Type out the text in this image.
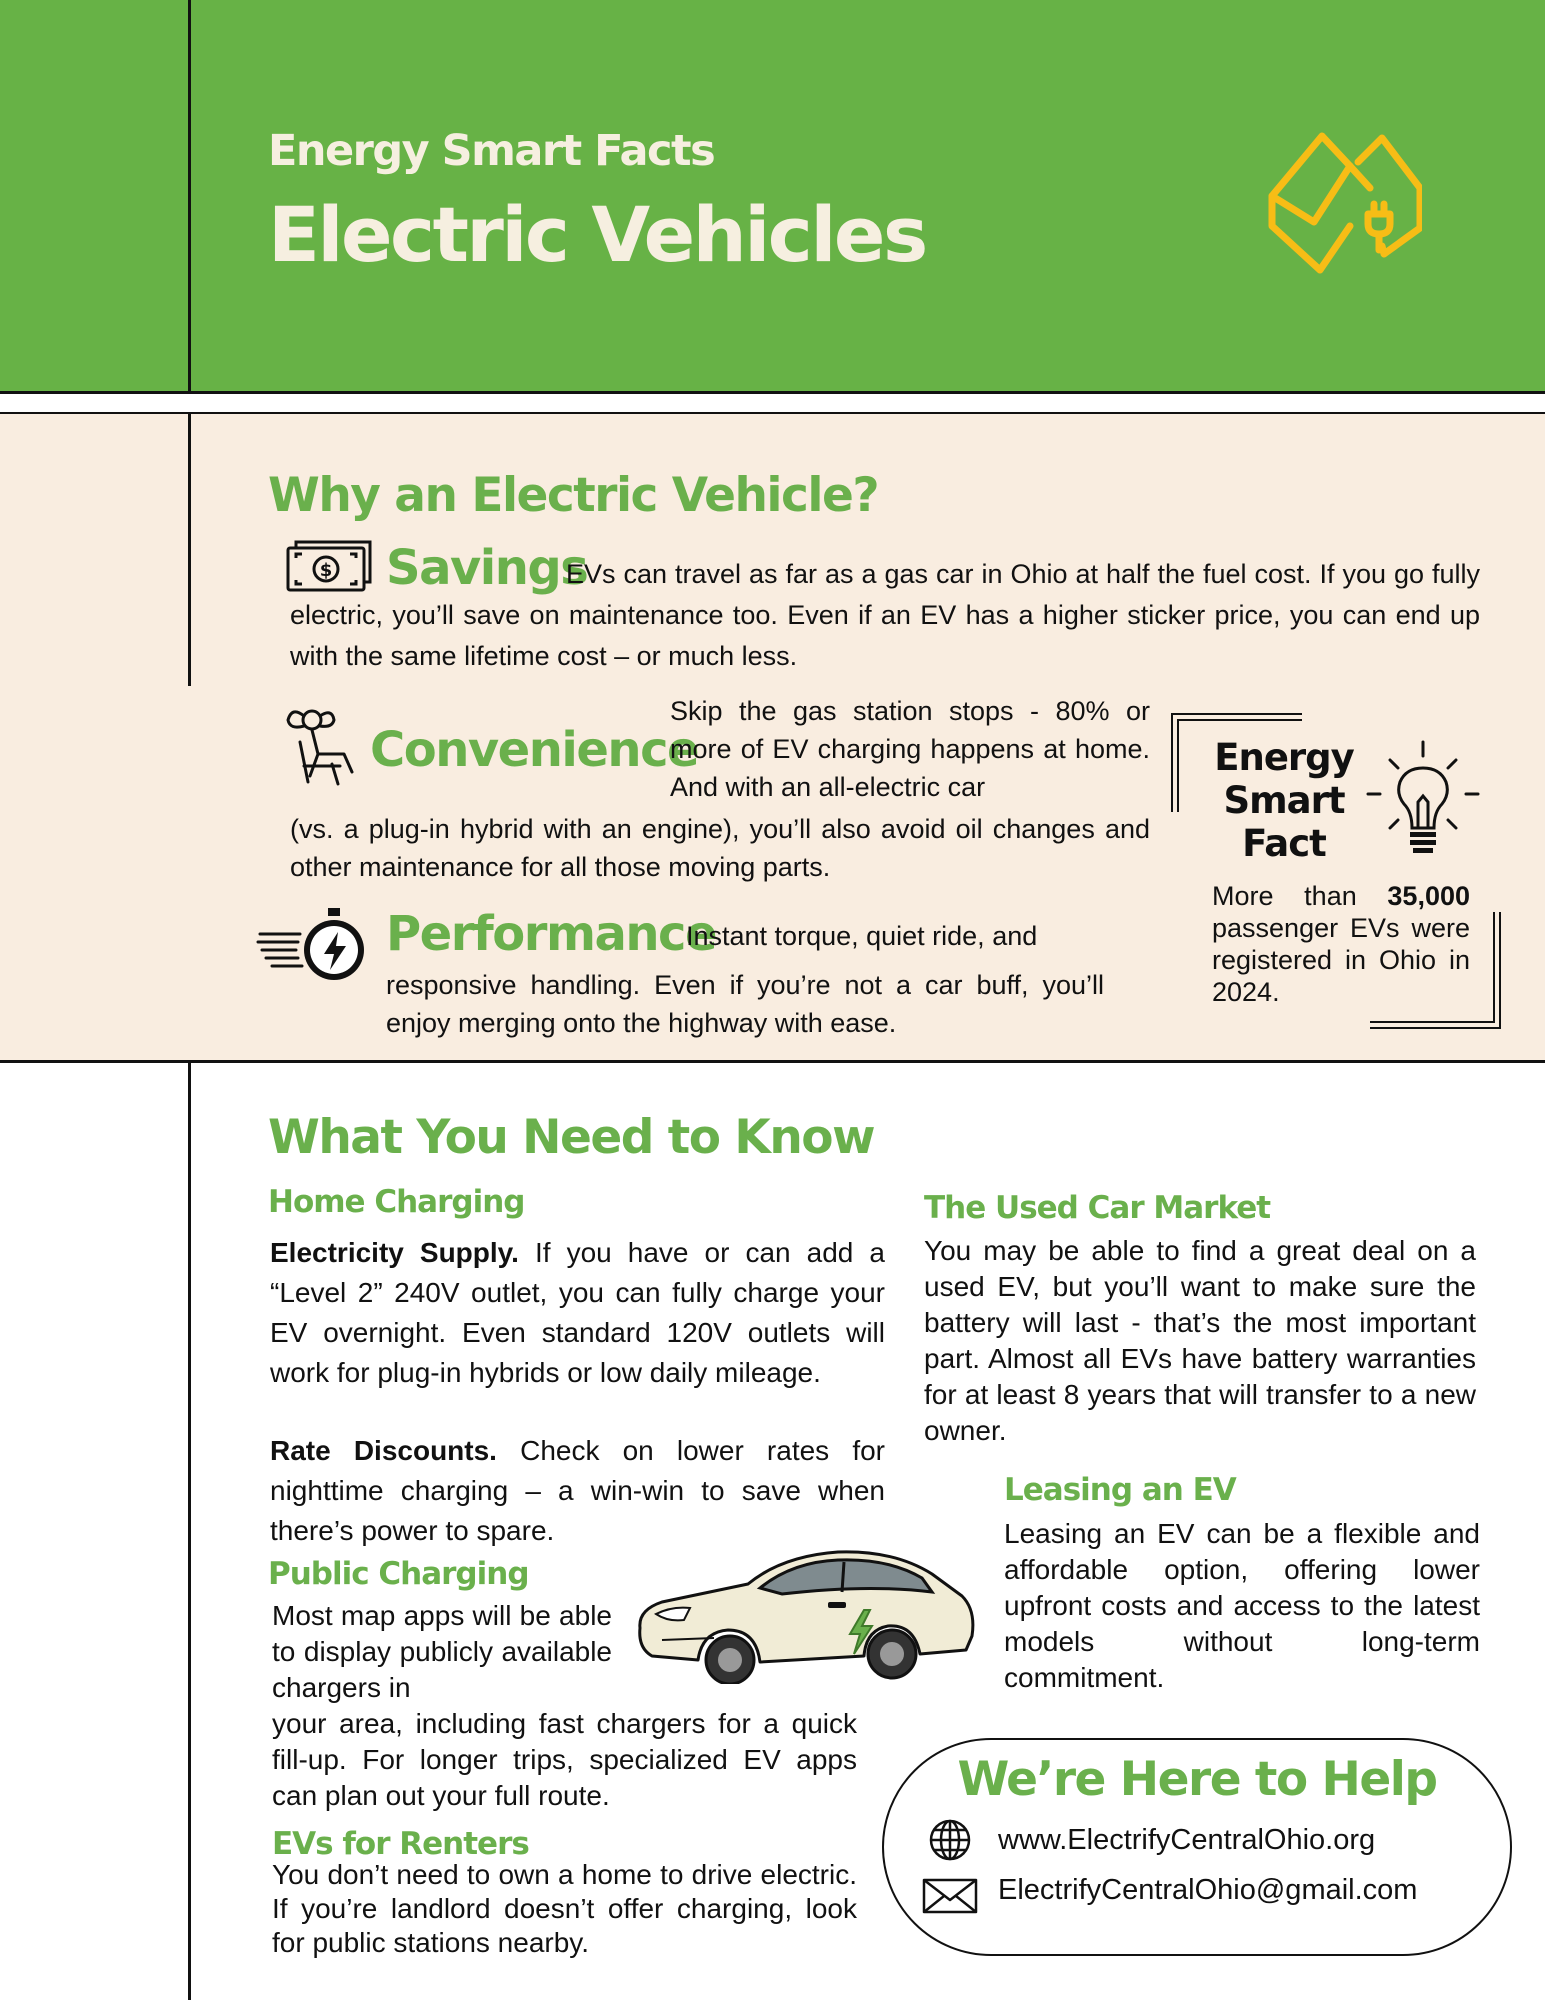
Energy Smart Facts
Electric Vehicles
Why an Electric Vehicle?
$ Savings
EVs can travel as far as a gas car in Ohio at half the fuel cost. If you go fully electric, you’ll save on maintenance too. Even if an EV has a higher sticker price, you can end up with the same lifetime cost – or much less.
Convenience
Skip the gas station stops - 80% or more of EV charging happens at home. And with an all-electric car
(vs. a plug-in hybrid with an engine), you’ll also avoid oil changes and other maintenance for all those moving parts.
Performance
Instant torque, quiet ride, and
responsive handling. Even if you’re not a car buff, you’ll enjoy merging onto the highway with ease.
Energy
Smart
Fact
More than 35,000 passenger EVs were registered in Ohio in 2024.
What You Need to Know
Home Charging
Electricity Supply. If you have or can add a “Level 2” 240V outlet, you can fully charge your EV overnight. Even standard 120V outlets will work for plug-in hybrids or low daily mileage.
Rate Discounts. Check on lower rates for nighttime charging – a win-win to save when there’s power to spare.
Public Charging
Most map apps will be able to display publicly available chargers in
your area, including fast chargers for a quick fill-up. For longer trips, specialized EV apps can plan out your full route.
EVs for Renters
You don’t need to own a home to drive electric. If you’re landlord doesn’t offer charging, look for public stations nearby.
The Used Car Market
You may be able to find a great deal on a used EV, but you’ll want to make sure the battery will last - that’s the most important part. Almost all EVs have battery warranties for at least 8 years that will transfer to a new owner.
Leasing an EV
Leasing an EV can be a flexible and affordable option, offering lower upfront costs and access to the latest models without long-term commitment.
We’re Here to Help
www.ElectrifyCentralOhio.org
ElectrifyCentralOhio@gmail.com
